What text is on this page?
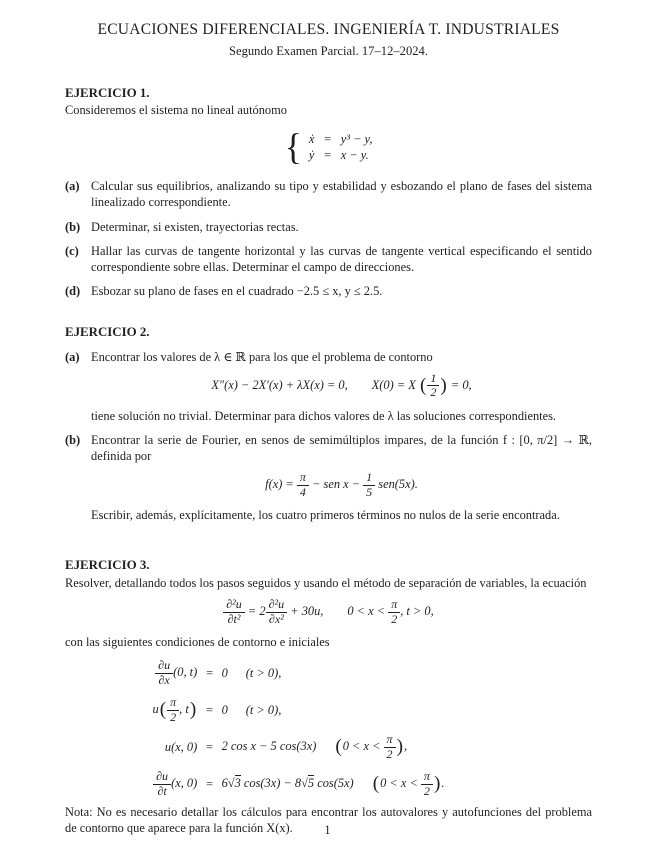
ECUACIONES DIFERENCIALES. INGENIERÍA T. INDUSTRIALES
Segundo Examen Parcial. 17–12–2024.
EJERCICIO 1.

Consideremos el sistema no lineal autónomo

{ ẋ = y³ − y,
ẏ = x − y.
(a) Calcular sus equilibrios, analizando su tipo y estabilidad y esbozando el plano de fases del sistema linealizado correspondiente.
(b) Determinar, si existen, trayectorias rectas.
(c) Hallar las curvas de tangente horizontal y las curvas de tangente vertical especificando el sentido correspondiente sobre ellas. Determinar el campo de direcciones.
(d) Esbozar su plano de fases en el cuadrado −2.5 ≤ x, y ≤ 2.5.
EJERCICIO 2.
(a) Encontrar los valores de λ ∈ ℝ para los que el problema de contorno
X″(x) − 2X′(x) + λX(x) = 0, X(0) = X ( $\frac{1}{2}$ ) = 0,
tiene solución no trivial. Determinar para dichos valores de λ las soluciones correspondientes.
(b) Encontrar la serie de Fourier, en senos de semimúltiplos impares, de la función f : [0, π/2] → ℝ, definida por
$f(x) = \frac{\pi}{4}$ − sen $x - \frac{1}{5} sen(5x)$.
Escribir, además, explícitamente, los cuatro primeros términos no nulos de la serie encontrada.
EJERCICIO 3.

Resolver, detallando todos los pasos seguidos y usando el método de separación de variables, la ecuación

$\frac{\text{∂²u}}{\text{∂t²}} = 2 \frac{\text{∂²u}}{\text{∂x²}} + 30u$, $0 < x < \frac{\pi}{2}$ , t > 0,

con las siguientes condiciones de contorno e iniciales

$\frac{\partial u}{\partial x} (0$, t) = 0 (t > 0),
$u( \frac{\pi}{2}$ , t) = 0 (t > 0),
u(x, 0) = 2 cos x − 5 cos(3x) ($0 < x < \frac{\pi}{2}$ ),
$\frac{\partial u}{\partial t} (x$, 0) = 6√3 cos(3x) − 8√5 cos(5x) ($0 < x < \frac{\pi}{2}$ ).

Nota: No es necesario detallar los cálculos para encontrar los autovalores y autofunciones del problema de contorno que aparece para la función X(x).	1
